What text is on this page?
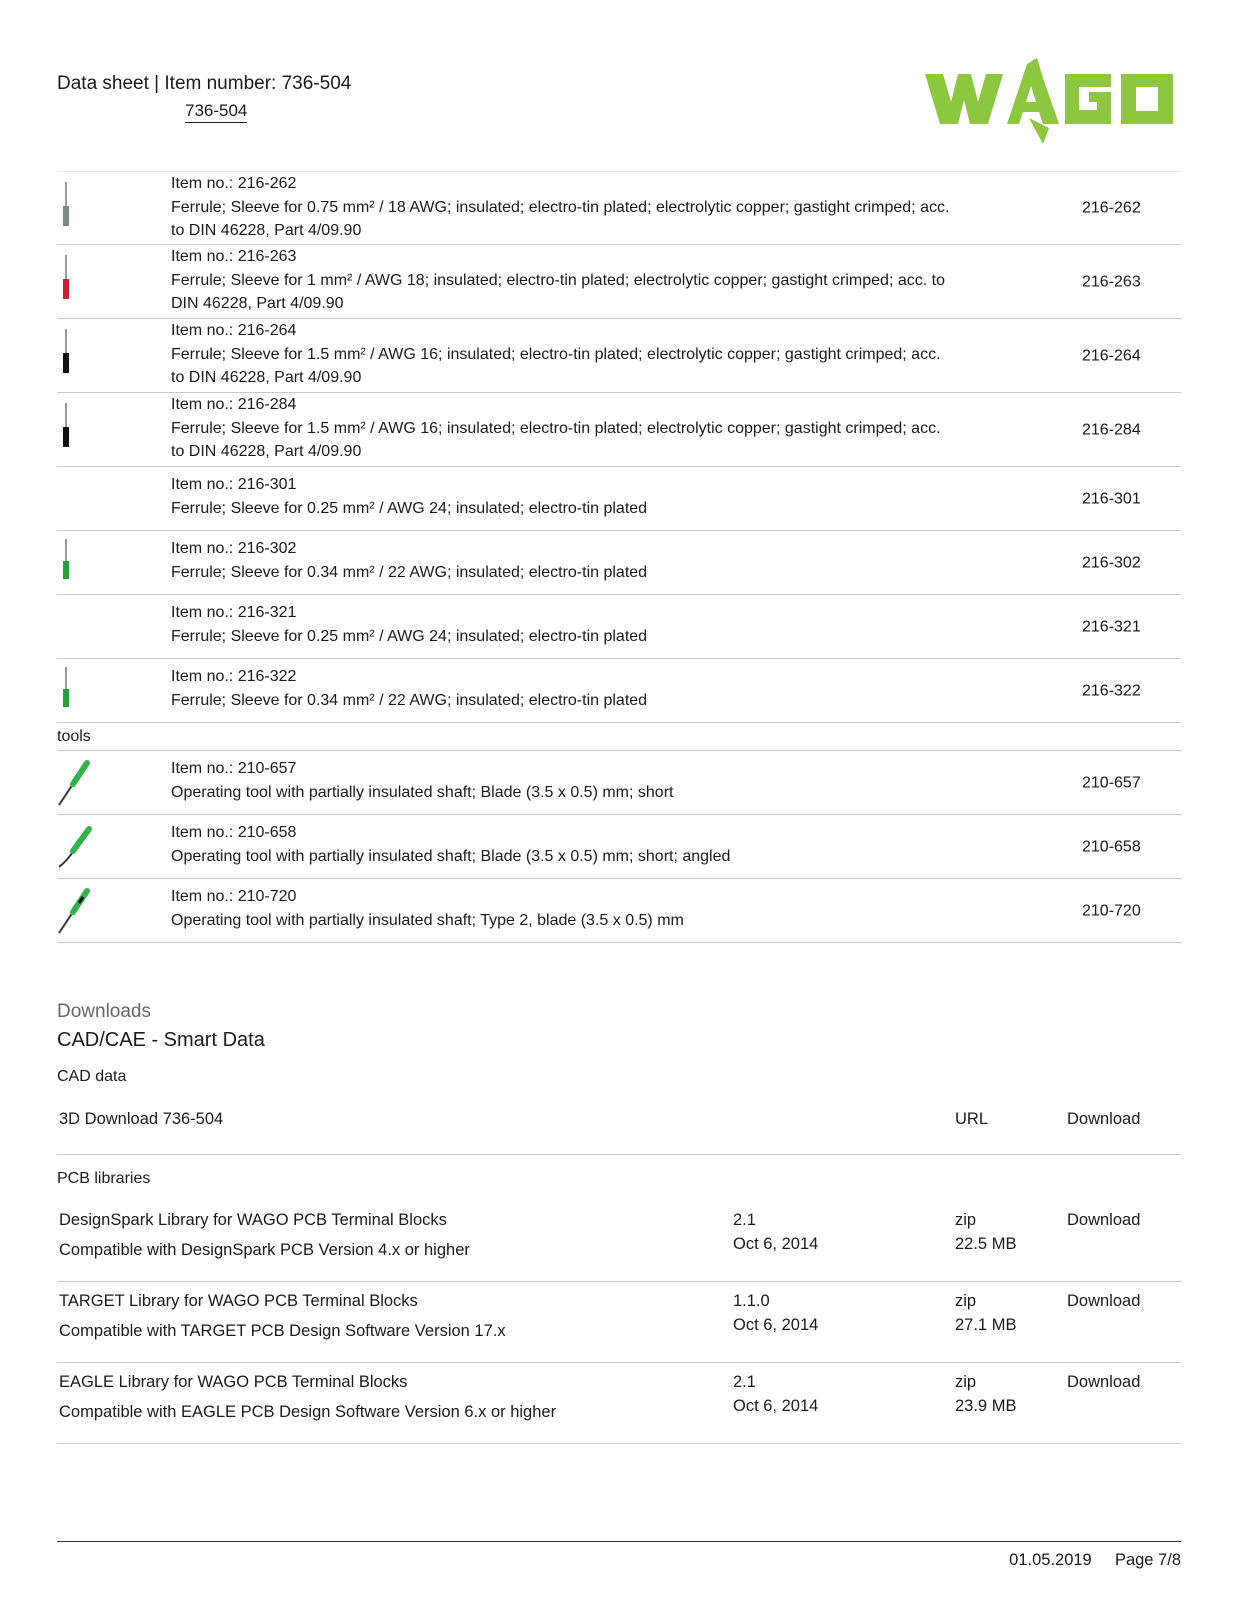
Data sheet | Item number: 736-504
736-504
Item no.: 216-262
Ferrule; Sleeve for 0.75 mm² / 18 AWG; insulated; electro-tin plated; electrolytic copper; gastight crimped; acc. to DIN 46228, Part 4/09.90
216-262
Item no.: 216-263
Ferrule; Sleeve for 1 mm² / AWG 18; insulated; electro-tin plated; electrolytic copper; gastight crimped; acc. to DIN 46228, Part 4/09.90
216-263
Item no.: 216-264
Ferrule; Sleeve for 1.5 mm² / AWG 16; insulated; electro-tin plated; electrolytic copper; gastight crimped; acc. to DIN 46228, Part 4/09.90
216-264
Item no.: 216-284
Ferrule; Sleeve for 1.5 mm² / AWG 16; insulated; electro-tin plated; electrolytic copper; gastight crimped; acc. to DIN 46228, Part 4/09.90
216-284
Item no.: 216-301
Ferrule; Sleeve for 0.25 mm² / AWG 24; insulated; electro-tin plated
216-301
Item no.: 216-302
Ferrule; Sleeve for 0.34 mm² / 22 AWG; insulated; electro-tin plated
216-302
Item no.: 216-321
Ferrule; Sleeve for 0.25 mm² / AWG 24; insulated; electro-tin plated
216-321
Item no.: 216-322
Ferrule; Sleeve for 0.34 mm² / 22 AWG; insulated; electro-tin plated
216-322
tools
Item no.: 210-657
Operating tool with partially insulated shaft; Blade (3.5 x 0.5) mm; short
210-657
Item no.: 210-658
Operating tool with partially insulated shaft; Blade (3.5 x 0.5) mm; short; angled
210-658
Item no.: 210-720
Operating tool with partially insulated shaft; Type 2, blade (3.5 x 0.5) mm
210-720
Downloads
CAD/CAE - Smart Data
CAD data
3D Download 736-504	URL	Download
PCB libraries
DesignSpark Library for WAGO PCB Terminal Blocks
Compatible with DesignSpark PCB Version 4.x or higher
2.1
Oct 6, 2014
zip
22.5 MB
Download
TARGET Library for WAGO PCB Terminal Blocks
Compatible with TARGET PCB Design Software Version 17.x
1.1.0
Oct 6, 2014
zip
27.1 MB
Download
EAGLE Library for WAGO PCB Terminal Blocks
Compatible with EAGLE PCB Design Software Version 6.x or higher
2.1
Oct 6, 2014
zip
23.9 MB
Download
01.05.2019 Page 7/8
